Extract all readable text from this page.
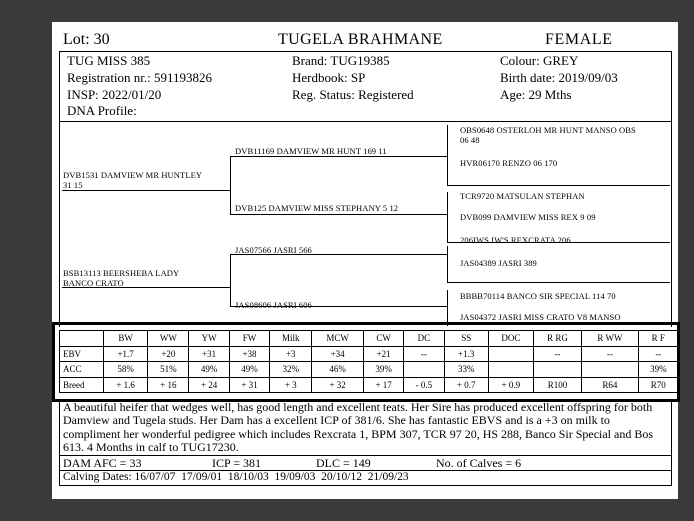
Lot: 30	TUGELA BRAHMANE	FEMALE
TUG MISS 385
Registration nr.: 591193826
INSP: 2022/01/20
DNA Profile:
Brand: TUG19385
Herdbook: SP
Reg. Status: Registered
Colour: GREY
Birth date: 2019/09/03
Age: 29 Mths
DVB1531 DAMVIEW MR HUNTLEY
31 15
BSB13113 BEERSHEBA LADY
BANCO CRATO
DVB11169 DAMVIEW MR HUNT 169 11
DVB125 DAMVIEW MISS STEPHANY 5 12
JAS07566 JASRI 566
JAS08606 JASRI 606
OBS0648 OSTERLOH MR HUNT MANSO OBS
06 48
HVR06170 RENZO 06 170
TCR9720 MATSULAN STEPHAN
DVB099 DAMVIEW MISS REX 9 09
206IWS IW'S REXCRATA 206
JAS04389 JASRI 389
BBBB70114 BANCO SIR SPECIAL 114 70
JAS04372 JASRI MISS CRATO V8 MANSO
	BW	WW	YW	FW	Milk	MCW	CW	DC	SS	DOC	R RG	R WW	R F
EBV	+1.7	+20	+31	+38	+3	+34	+21	--	+1.3		--	--	--
ACC	58%	51%	49%	49%	32%	46%	39%		33%				39%
Breed	+ 1.6	+ 16	+ 24	+ 31	+ 3	+ 32	+ 17	- 0.5	+ 0.7	+ 0.9	R100	R64	R70
A beautiful heifer that wedges well, has good length and excellent teats. Her Sire has produced excellent offspring for both Damview and Tugela studs. Her Dam has a excellent ICP of 381/6. She has fantastic EBVS and is a +3 on milk to compliment her wonderful pedigree which includes Rexcrata 1, BPM 307, TCR 97 20, HS 288, Banco Sir Special and Bos 613. 4 Months in calf to TUG17230.
DAM AFC = 33	ICP = 381	DLC = 149	No. of Calves = 6
Calving Dates: 16/07/07  17/09/01  18/10/03  19/09/03  20/10/12  21/09/23
